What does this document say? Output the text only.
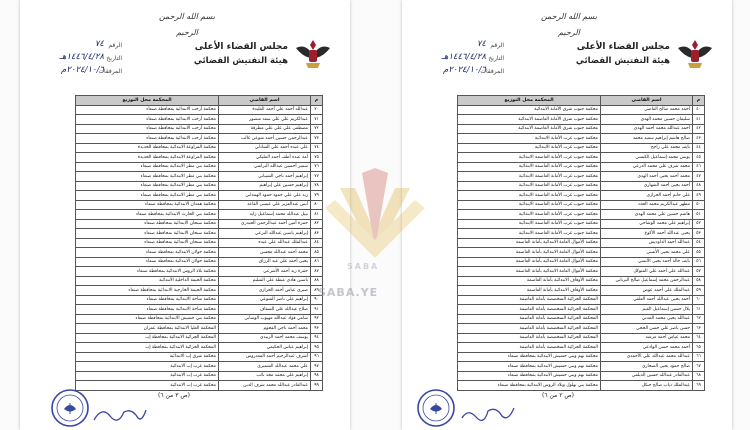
بسم الله الرحمن الرحيم
مجلس القضاء الأعلى
هيئة التفتيش القضائي
الرقم
٧٤
التاريخ
١٤٤٦/٤/٢٨هـ
المرفقات
٢٠٢٤/١٠/٦م
م	اسم القاضي	المحكمة محل التوزيع
٧٠	عبدالله أحمد علي أحمد القليدة	محكمة أرحب الابتدائية بمحافظة صنعاء
٧١	عبدالكريم علي علي سعد منصور	محكمة أرحب الابتدائية بمحافظة صنعاء
٧٢	مصطفى علي علي علي مطرقة	محكمة أرحب الابتدائية بمحافظة صنعاء
٧٣	عبدالرحمن حسين أحمد شوعي غالب	محكمة أرحب الابتدائية بمحافظة صنعاء
٧٤	علي عبده أحمد علي الشاذلي	محكمة المراوعة الابتدائية بمحافظة الحديدة
٧٥	أمة عبده أطف أحمد المليكي	محكمة المراوعة الابتدائية بمحافظة الحديدة
٧٦	سمير أحسين عبدالله البراشي	محكمة بني مطر الابتدائية بمحافظة صنعاء
٧٧	إبراهيم أحمد ناجي الشيباني	محكمة بني مطر الابتدائية بمحافظة صنعاء
٧٨	إبراهيم حسين علي إبراهيم	محكمة بني مطر الابتدائية بمحافظة صنعاء
٧٩	زيد علي علي حمود حمود الهمداني	محكمة بني مطر الابتدائية بمحافظة صنعاء
٨٠	أنس عبدالعزيز علي عيسى القاعد	محكمة همدان الابتدائية بمحافظة صنعاء
٨١	نبيل عبدالله محمد إسماعيل زايد	محكمة بني الحارث الابتدائية بمحافظة صنعاء
٨٢	حمزة أمين أحمد عبدالرحمن الحيدري	محكمة سنحان الابتدائية بمحافظة صنعاء
٨٣	إبراهيم ياسين عبدالله البرعي	محكمة سنحان الابتدائية بمحافظة صنعاء
٨٤	عبدالملك عبدالله علي عبده	محكمة سنحان الابتدائية بمحافظة صنعاء
٨٥	محمد أحمد عبدالله محسن	محكمة خولان الابتدائية بمحافظة صنعاء
٨٦	يحيى أحمد علي عبد الرزاق	محكمة خولان الابتدائية بمحافظة صنعاء
٨٧	حمزة زيد أحمد الأشرعي	محكمة بلاد الروس الابتدائية بمحافظة صنعاء
٨٨	ياسين هادي عبطة علي الشليم	محكمة الحيمة الداخلية الابتدائية
٨٩	صبري عباس أحمد الحرازي	محكمة الحيمة الخارجية الابتدائية بمحافظة صنعاء
٩٠	إبراهيم علي ناصر الشوعي	محكمة مناخة الابتدائية بمحافظة صنعاء
٩١	صلاح عبدالله علي السقاف	محكمة مناخة الابتدائية بمحافظة صنعاء
٩٢	سامي فؤاد عبدالله مهيوب الوصابي	محكمة بني حشيش الابتدائية بمحافظة صنعاء
٩٣	محمد أحمد ناجي القحوم	المحكمة العليا الابتدائية بمحافظة عمران
٩٤	يوسف محمد أحمد الزبيدي	المحكمة الجزائية الابتدائية بمحافظة إب
٩٥	إبراهيم عباس الحكيمي	المحكمة الجزائية الابتدائية بمحافظة إب
٩٦	أشرف عبدالرحيم أحمد المعدروس	محكمة شرق إب الابتدائية
٩٧	علي محمد عبدالله الشميري	محكمة غرب إب الابتدائية
٩٨	إبراهيم علي محمد مجد نائب	محكمة غرب إب الابتدائية
٩٩	عبدالقادر عبدالله محمد شرف الدين	محكمة غرب إب الابتدائية
(ص ٣ من ٦)
بسم الله الرحمن الرحيم
مجلس القضاء الأعلى
هيئة التفتيش القضائي
الرقم
٧٤
التاريخ
١٤٤٦/٤/٢٨هـ
المرفقات
٢٠٢٤/١٠/٦م
م	اسم القاضي	المحكمة محل التوزيع
٤٠	أحمد محمد صالح القاضي	محكمة جنوب شرق الأمانة الابتدائية
٤١	سليمان حسين محمد الهدي	محكمة جنوب شرق الأمانة العاصمة الابتدائية
٤٢	أحمد عبدالله محمد أحمد الهدي	محكمة جنوب شرق الأمانة العاصمة الابتدائية
٤٣	صالح هاشم إبراهيم سعيد محمد	محكمة جنوب غرب الأمانة الابتدائية
٤٤	نايف محمد علي راجح	محكمة جنوب غرب الأمانة الابتدائية
٤٥	يونس محمد إسماعيل الكبسي	محكمة جنوب غرب الأمانة العاصمة الابتدائية
٤٦	محمد شرف علي محمد الدرعي	محكمة جنوب غرب الأمانة العاصمة الابتدائية
٤٧	محمد أحمد يحيى أحمد الهدي	محكمة جنوب غرب الأمانة العاصمة الابتدائية
٤٨	أحمد يحيى أحمد الشهاري	محكمة جنوب غرب الأمانة العاصمة الابتدائية
٤٩	علي حاتم أحمد الحرازي	محكمة جنوب غرب الأمانة العاصمة الابتدائية
٥٠	مطهر عبدالكريم محمد الحدد	محكمة جنوب غرب الأمانة العاصمة الابتدائية
٥١	هاشم حسين علي محمد الهدي	محكمة جنوب غرب الأمانة العاصمة الابتدائية
٥٢	إبراهيم علي محمد الوشاحي	محكمة جنوب غرب الأمانة العاصمة الابتدائية
٥٣	يحيى عبدالله أحمد الأكوع	محكمة جنوب غرب الأمانة العاصمة الابتدائية
٥٤	عبدالله أحمد الداوديش	محكمة الأموال العامة الابتدائية بأمانة العاصمة
٥٥	علي محمد يحيى الأنسي	محكمة الأموال العامة الابتدائية بأمانة العاصمة
٥٦	نايف خالد أحمد يحيى الأنسي	محكمة الأموال العامة الابتدائية بأمانة العاصمة
٥٧	عبدالله علي أحمد علي المتوكل	محكمة الأموال العامة الابتدائية بأمانة العاصمة
٥٨	عبدالرحمن محمد إسماعيل صالح البرتاني	محكمة الأوقاف الابتدائية بأمانة العاصمة
٥٩	عبدالملك علي أحمد عوض	محكمة الأوقاف الابتدائية بأمانة العاصمة
٦٠	أحمد يحيى عبدالله أحمد العلفي	المحكمة الجزائية المتخصصة بأمانة العاصمة
٦١	بلال حسين إسماعيل القيم	المحكمة الجزائية المتخصصة بأمانة العاصمة
٦٢	عبدالله يحيى محمد المدني	المحكمة الجزائية المتخصصة بأمانة العاصمة
٦٣	حسن ناصر علي حسن الحجي	المحكمة الجزائية المتخصصة بأمانة العاصمة
٦٤	محمد عباس أحمد مرشد	المحكمة الجزائية المتخصصة بأمانة العاصمة
٦٥	أحمد محمد حسن الوادعي	المحكمة الجزائية المتخصصة بأمانة العاصمة
٦٦	عبدالله محمد عبدالله علي الأحمدي	محكمة نهم وبني حشيش الابتدائية بمحافظة صنعاء
٦٧	صالح حمود يحيى الصحاري	محكمة نهم وبني حشيش الابتدائية بمحافظة صنعاء
٦٨	عبدالقادر عبدالله حسين الديلمي	محكمة نهم وبني حشيش الابتدائية بمحافظة صنعاء
٦٩	عبدالملك ذياب صالح حنكل	محكمة بني بهلول وبلاد الروس الابتدائية بمحافظة صنعاء
(ص ٢ من ٦)
SABA
SABA.YE
